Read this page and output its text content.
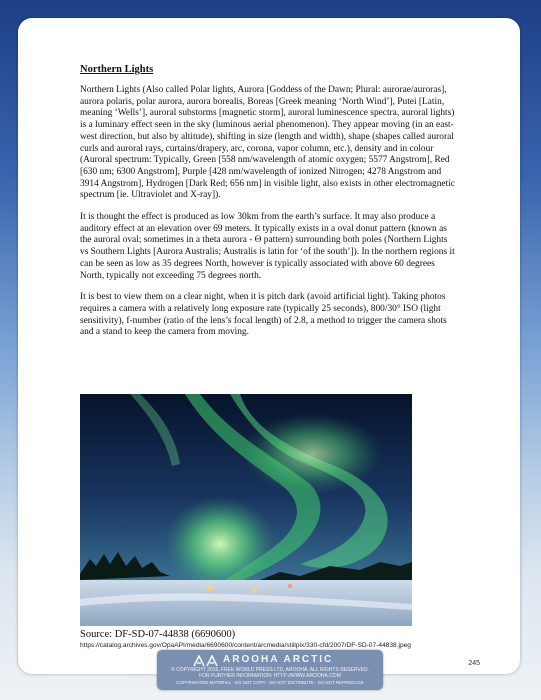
Northern Lights

Northern Lights (Also called Polar lights, Aurora [Goddess of the Dawn; Plural: aurorae/auroras], aurora polaris, polar aurora, aurora borealis, Boreas [Greek meaning ‘North Wind’], Putei [Latin, meaning ‘Wells’], auroral substorms [magnetic storm], auroral luminescence spectra, auroral lights) is a luminary effect seen in the sky (luminous aerial phenomenon). They appear moving (in an east-west direction, but also by altitude), shifting in size (length and width), shape (shapes called auroral curls and auroral rays, curtains/drapery, arc, corona, vapor column, etc.), density and in colour (Auroral spectrum: Typically, Green [558 nm/wavelength of atomic oxygen; 5577 Angstrom], Red [630 nm; 6300 Angstrom], Purple [428 nm/wavelength of ionized Nitrogen; 4278 Angstrom and 3914 Angstrom], Hydrogen [Dark Red; 656 nm] in visible light, also exists in other electromagnetic spectrum [ie. Ultraviolet and X-ray]).

It is thought the effect is produced as low 30km from the earth’s surface. It may also produce a auditory effect at an elevation over 69 meters. It typically exists in a oval donut pattern (known as the auroral oval; sometimes in a theta aurora - Θ pattern) surrounding both poles (Northern Lights vs Southern Lights [Aurora Australis; Australis is latin for ‘of the south’]). In the northern regions it can be seen as low as 35 degrees North, however is typically associated with above 60 degrees North, typically not exceeding 75 degrees north.

It is best to view them on a clear night, when it is pitch dark (avoid artificial light). Taking photos requires a camera with a relatively long exposure rate (typically 25 seconds), 800/30° ISO (light sensitivity), f-number (ratio of the lens’s focal length) of 2.8, a method to trigger the camera shots and a stand to keep the camera from moving.

Source: DF-SD-07-44838 (6690600)
https://catalog.archives.gov/OpaAPI/media/6690600/content/arcmedia/stillpix/330-cfd/2007/DF-SD-07-44838.jpeg
245
AROOHA ARCTIC
© COPYRIGHT 2016, FREE WORLD PRESS LTD, AROOHA. ALL RIGHTS RESERVED.
FOR FURTHER INFORMATION: HTTP://WWW.AROOHA.COM
COPYRIGHTED MATERIAL - DO NOT COPY - DO NOT DISTRIBUTE - DO NOT REPRODUCE
